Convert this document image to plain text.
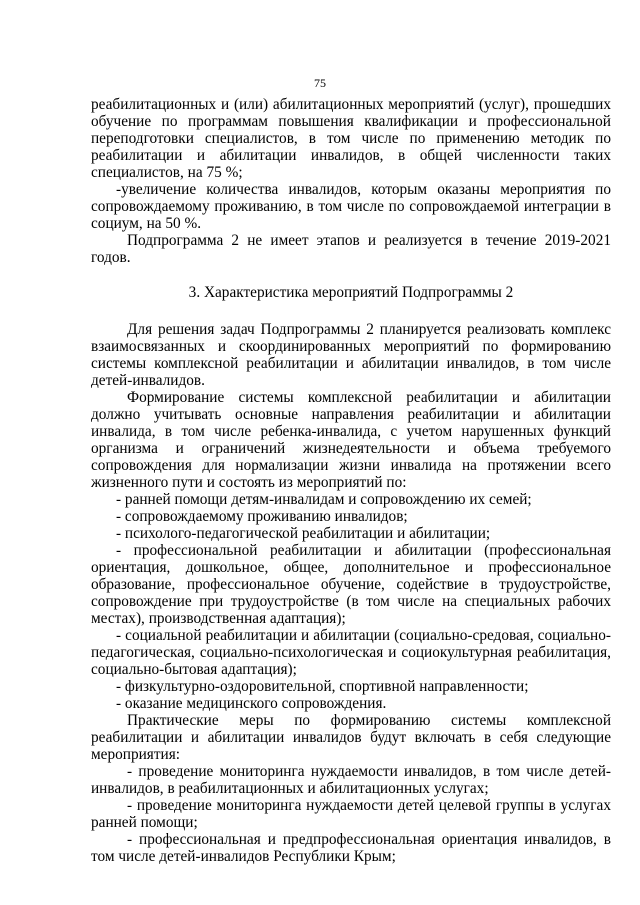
75

реабилитационных и (или) абилитационных мероприятий (услуг), прошедших обучение по программам повышения квалификации и профессиональной переподготовки специалистов, в том числе по применению методик по реабилитации и абилитации инвалидов, в общей численности таких специалистов, на 75 %;

-увеличение количества инвалидов, которым оказаны мероприятия по сопровождаемому проживанию, в том числе по сопровождаемой интеграции в социум, на 50 %.

Подпрограмма 2 не имеет этапов и реализуется в течение 2019-2021 годов.

3. Характеристика мероприятий Подпрограммы 2

Для решения задач Подпрограммы 2 планируется реализовать комплекс взаимосвязанных и скоординированных мероприятий по формированию системы комплексной реабилитации и абилитации инвалидов, в том числе детей-инвалидов.

Формирование системы комплексной реабилитации и абилитации должно учитывать основные направления реабилитации и абилитации инвалида, в том числе ребенка-инвалида, с учетом нарушенных функций организма и ограничений жизнедеятельности и объема требуемого сопровождения для нормализации жизни инвалида на протяжении всего жизненного пути и состоять из мероприятий по:

- ранней помощи детям-инвалидам и сопровождению их семей;

- сопровождаемому проживанию инвалидов;

- психолого-педагогической реабилитации и абилитации;

- профессиональной реабилитации и абилитации (профессиональная ориентация, дошкольное, общее, дополнительное и профессиональное образование, профессиональное обучение, содействие в трудоустройстве, сопровождение при трудоустройстве (в том числе на специальных рабочих местах), производственная адаптация);

- социальной реабилитации и абилитации (социально-средовая, социально-педагогическая, социально-психологическая и социокультурная реабилитация, социально-бытовая адаптация);

- физкультурно-оздоровительной, спортивной направленности;

- оказание медицинского сопровождения.

Практические меры по формированию системы комплексной реабилитации и абилитации инвалидов будут включать в себя следующие мероприятия:

- проведение мониторинга нуждаемости инвалидов, в том числе детей-инвалидов, в реабилитационных и абилитационных услугах;

- проведение мониторинга нуждаемости детей целевой группы в услугах ранней помощи;

- профессиональная и предпрофессиональная ориентация инвалидов, в том числе детей-инвалидов Республики Крым;
